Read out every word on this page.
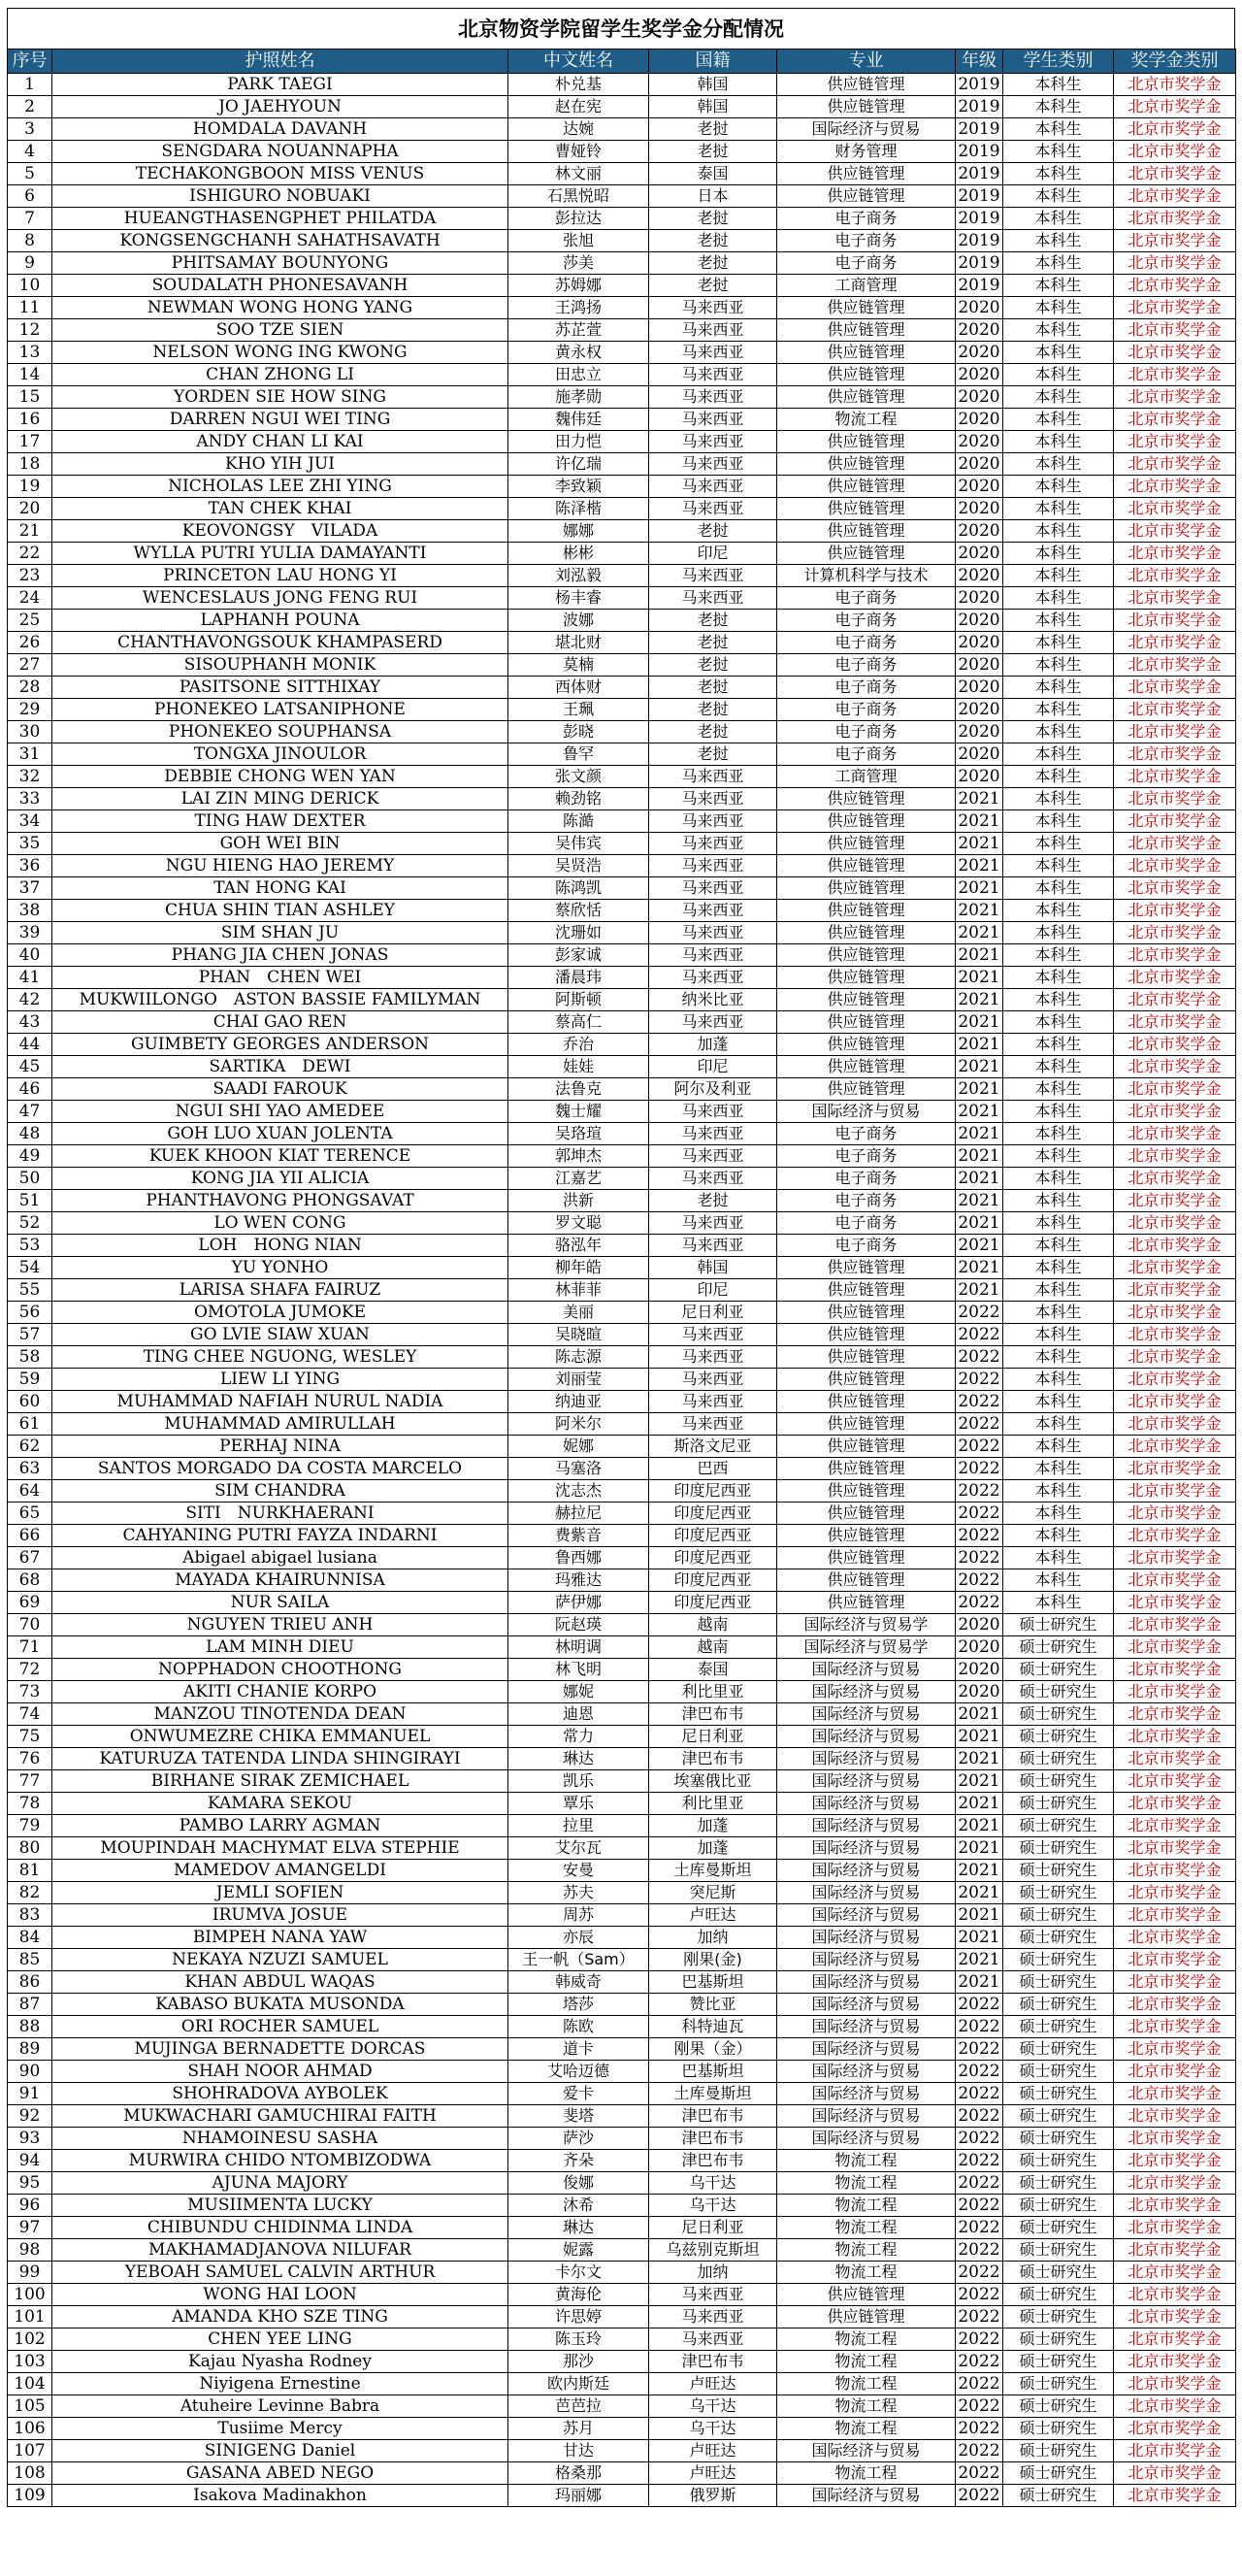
北京物资学院留学生奖学金分配情况
序号	护照姓名	中文姓名	国籍	专业	年级	学生类别	奖学金类别
1	PARK TAEGI	朴兑基	韩国	供应链管理	2019	本科生	北京市奖学金
2	JO JAEHYOUN	赵在宪	韩国	供应链管理	2019	本科生	北京市奖学金
3	HOMDALA DAVANH	达婉	老挝	国际经济与贸易	2019	本科生	北京市奖学金
4	SENGDARA NOUANNAPHA	曹娅铃	老挝	财务管理	2019	本科生	北京市奖学金
5	TECHAKONGBOON MISS VENUS	林文丽	泰国	供应链管理	2019	本科生	北京市奖学金
6	ISHIGURO NOBUAKI	石黑悦昭	日本	供应链管理	2019	本科生	北京市奖学金
7	HUEANGTHASENGPHET PHILATDA	彭拉达	老挝	电子商务	2019	本科生	北京市奖学金
8	KONGSENGCHANH SAHATHSAVATH	张旭	老挝	电子商务	2019	本科生	北京市奖学金
9	PHITSAMAY BOUNYONG	莎美	老挝	电子商务	2019	本科生	北京市奖学金
10	SOUDALATH PHONESAVANH	苏姆娜	老挝	工商管理	2019	本科生	北京市奖学金
11	NEWMAN WONG HONG YANG	王鸿扬	马来西亚	供应链管理	2020	本科生	北京市奖学金
12	SOO TZE SIEN	苏芷萱	马来西亚	供应链管理	2020	本科生	北京市奖学金
13	NELSON WONG ING KWONG	黄永权	马来西亚	供应链管理	2020	本科生	北京市奖学金
14	CHAN ZHONG LI	田忠立	马来西亚	供应链管理	2020	本科生	北京市奖学金
15	YORDEN SIE HOW SING	施孝勋	马来西亚	供应链管理	2020	本科生	北京市奖学金
16	DARREN NGUI WEI TING	魏伟廷	马来西亚	物流工程	2020	本科生	北京市奖学金
17	ANDY CHAN LI KAI	田力恺	马来西亚	供应链管理	2020	本科生	北京市奖学金
18	KHO YIH JUI	许亿瑞	马来西亚	供应链管理	2020	本科生	北京市奖学金
19	NICHOLAS LEE ZHI YING	李致颖	马来西亚	供应链管理	2020	本科生	北京市奖学金
20	TAN CHEK KHAI	陈泽楷	马来西亚	供应链管理	2020	本科生	北京市奖学金
21	KEOVONGSY　VILADA	娜娜	老挝	供应链管理	2020	本科生	北京市奖学金
22	WYLLA PUTRI YULIA DAMAYANTI	彬彬	印尼	供应链管理	2020	本科生	北京市奖学金
23	PRINCETON LAU HONG YI	刘泓毅	马来西亚	计算机科学与技术	2020	本科生	北京市奖学金
24	WENCESLAUS JONG FENG RUI	杨丰睿	马来西亚	电子商务	2020	本科生	北京市奖学金
25	LAPHANH POUNA	波娜	老挝	电子商务	2020	本科生	北京市奖学金
26	CHANTHAVONGSOUK KHAMPASERD	堪北财	老挝	电子商务	2020	本科生	北京市奖学金
27	SISOUPHANH MONIK	莫楠	老挝	电子商务	2020	本科生	北京市奖学金
28	PASITSONE SITTHIXAY	西体财	老挝	电子商务	2020	本科生	北京市奖学金
29	PHONEKEO LATSANIPHONE	王珮	老挝	电子商务	2020	本科生	北京市奖学金
30	PHONEKEO SOUPHANSA	彭晓	老挝	电子商务	2020	本科生	北京市奖学金
31	TONGXA JINOULOR	鲁罕	老挝	电子商务	2020	本科生	北京市奖学金
32	DEBBIE CHONG WEN YAN	张文颜	马来西亚	工商管理	2020	本科生	北京市奖学金
33	LAI ZIN MING DERICK	赖劲铭	马来西亚	供应链管理	2021	本科生	北京市奖学金
34	TING HAW DEXTER	陈澔	马来西亚	供应链管理	2021	本科生	北京市奖学金
35	GOH WEI BIN	吴伟宾	马来西亚	供应链管理	2021	本科生	北京市奖学金
36	NGU HIENG HAO JEREMY	吴贤浩	马来西亚	供应链管理	2021	本科生	北京市奖学金
37	TAN HONG KAI	陈鸿凯	马来西亚	供应链管理	2021	本科生	北京市奖学金
38	CHUA SHIN TIAN ASHLEY	蔡欣恬	马来西亚	供应链管理	2021	本科生	北京市奖学金
39	SIM SHAN JU	沈珊如	马来西亚	供应链管理	2021	本科生	北京市奖学金
40	PHANG JIA CHEN JONAS	彭家诚	马来西亚	供应链管理	2021	本科生	北京市奖学金
41	PHAN　CHEN WEI	潘晨玮	马来西亚	供应链管理	2021	本科生	北京市奖学金
42	MUKWIILONGO　ASTON BASSIE FAMILYMAN	阿斯顿	纳米比亚	供应链管理	2021	本科生	北京市奖学金
43	CHAI GAO REN	蔡高仁	马来西亚	供应链管理	2021	本科生	北京市奖学金
44	GUIMBETY GEORGES ANDERSON	乔治	加蓬	供应链管理	2021	本科生	北京市奖学金
45	SARTIKA　DEWI	娃娃	印尼	供应链管理	2021	本科生	北京市奖学金
46	SAADI FAROUK	法鲁克	阿尔及利亚	供应链管理	2021	本科生	北京市奖学金
47	NGUI SHI YAO AMEDEE	魏士耀	马来西亚	国际经济与贸易	2021	本科生	北京市奖学金
48	GOH LUO XUAN JOLENTA	吴珞瑄	马来西亚	电子商务	2021	本科生	北京市奖学金
49	KUEK KHOON KIAT TERENCE	郭坤杰	马来西亚	电子商务	2021	本科生	北京市奖学金
50	KONG JIA YII ALICIA	江嘉艺	马来西亚	电子商务	2021	本科生	北京市奖学金
51	PHANTHAVONG PHONGSAVAT	洪新	老挝	电子商务	2021	本科生	北京市奖学金
52	LO WEN CONG	罗文聪	马来西亚	电子商务	2021	本科生	北京市奖学金
53	LOH　HONG NIAN	骆泓年	马来西亚	电子商务	2021	本科生	北京市奖学金
54	YU YONHO	柳年皓	韩国	供应链管理	2021	本科生	北京市奖学金
55	LARISA SHAFA FAIRUZ	林菲菲	印尼	供应链管理	2021	本科生	北京市奖学金
56	OMOTOLA JUMOKE	美丽	尼日利亚	供应链管理	2022	本科生	北京市奖学金
57	GO LVIE SIAW XUAN	吴晓暄	马来西亚	供应链管理	2022	本科生	北京市奖学金
58	TING CHEE NGUONG, WESLEY	陈志源	马来西亚	供应链管理	2022	本科生	北京市奖学金
59	LIEW LI YING	刘丽莹	马来西亚	供应链管理	2022	本科生	北京市奖学金
60	MUHAMMAD NAFIAH NURUL NADIA	纳迪亚	马来西亚	供应链管理	2022	本科生	北京市奖学金
61	MUHAMMAD AMIRULLAH	阿米尔	马来西亚	供应链管理	2022	本科生	北京市奖学金
62	PERHAJ NINA	妮娜	斯洛文尼亚	供应链管理	2022	本科生	北京市奖学金
63	SANTOS MORGADO DA COSTA MARCELO	马塞洛	巴西	供应链管理	2022	本科生	北京市奖学金
64	SIM CHANDRA	沈志杰	印度尼西亚	供应链管理	2022	本科生	北京市奖学金
65	SITI　NURKHAERANI	赫拉尼	印度尼西亚	供应链管理	2022	本科生	北京市奖学金
66	CAHYANING PUTRI FAYZA INDARNI	费紫音	印度尼西亚	供应链管理	2022	本科生	北京市奖学金
67	Abigael abigael lusiana	鲁西娜	印度尼西亚	供应链管理	2022	本科生	北京市奖学金
68	MAYADA KHAIRUNNISA	玛雅达	印度尼西亚	供应链管理	2022	本科生	北京市奖学金
69	NUR SAILA	萨伊娜	印度尼西亚	供应链管理	2022	本科生	北京市奖学金
70	NGUYEN TRIEU ANH	阮赵瑛	越南	国际经济与贸易学	2020	硕士研究生	北京市奖学金
71	LAM MINH DIEU	林明调	越南	国际经济与贸易学	2020	硕士研究生	北京市奖学金
72	NOPPHADON CHOOTHONG	林飞明	泰国	国际经济与贸易	2020	硕士研究生	北京市奖学金
73	AKITI CHANIE KORPO	娜妮	利比里亚	国际经济与贸易	2020	硕士研究生	北京市奖学金
74	MANZOU TINOTENDA DEAN	迪恩	津巴布韦	国际经济与贸易	2021	硕士研究生	北京市奖学金
75	ONWUMEZRE CHIKA EMMANUEL	常力	尼日利亚	国际经济与贸易	2021	硕士研究生	北京市奖学金
76	KATURUZA TATENDA LINDA SHINGIRAYI	琳达	津巴布韦	国际经济与贸易	2021	硕士研究生	北京市奖学金
77	BIRHANE SIRAK ZEMICHAEL	凯乐	埃塞俄比亚	国际经济与贸易	2021	硕士研究生	北京市奖学金
78	KAMARA SEKOU	覃乐	利比里亚	国际经济与贸易	2021	硕士研究生	北京市奖学金
79	PAMBO LARRY AGMAN	拉里	加蓬	国际经济与贸易	2021	硕士研究生	北京市奖学金
80	MOUPINDAH MACHYMAT ELVA STEPHIE	艾尔瓦	加蓬	国际经济与贸易	2021	硕士研究生	北京市奖学金
81	MAMEDOV AMANGELDI	安曼	土库曼斯坦	国际经济与贸易	2021	硕士研究生	北京市奖学金
82	JEMLI SOFIEN	苏夫	突尼斯	国际经济与贸易	2021	硕士研究生	北京市奖学金
83	IRUMVA JOSUE	周苏	卢旺达	国际经济与贸易	2021	硕士研究生	北京市奖学金
84	BIMPEH NANA YAW	亦辰	加纳	国际经济与贸易	2021	硕士研究生	北京市奖学金
85	NEKAYA NZUZI SAMUEL	王一帆（Sam）	刚果(金)	国际经济与贸易	2021	硕士研究生	北京市奖学金
86	KHAN ABDUL WAQAS	韩威奇	巴基斯坦	国际经济与贸易	2021	硕士研究生	北京市奖学金
87	KABASO BUKATA MUSONDA	塔莎	赞比亚	国际经济与贸易	2022	硕士研究生	北京市奖学金
88	ORI ROCHER SAMUEL	陈欧	科特迪瓦	国际经济与贸易	2022	硕士研究生	北京市奖学金
89	MUJINGA BERNADETTE DORCAS	道卡	刚果（金）	国际经济与贸易	2022	硕士研究生	北京市奖学金
90	SHAH NOOR AHMAD	艾哈迈德	巴基斯坦	国际经济与贸易	2022	硕士研究生	北京市奖学金
91	SHOHRADOVA AYBOLEK	爱卡	土库曼斯坦	国际经济与贸易	2022	硕士研究生	北京市奖学金
92	MUKWACHARI GAMUCHIRAI FAITH	斐塔	津巴布韦	国际经济与贸易	2022	硕士研究生	北京市奖学金
93	NHAMOINESU SASHA	萨沙	津巴布韦	国际经济与贸易	2022	硕士研究生	北京市奖学金
94	MURWIRA CHIDO NTOMBIZODWA	齐朵	津巴布韦	物流工程	2022	硕士研究生	北京市奖学金
95	AJUNA MAJORY	俊娜	乌干达	物流工程	2022	硕士研究生	北京市奖学金
96	MUSIIMENTA LUCKY	沐希	乌干达	物流工程	2022	硕士研究生	北京市奖学金
97	CHIBUNDU CHIDINMA LINDA	琳达	尼日利亚	物流工程	2022	硕士研究生	北京市奖学金
98	MAKHAMADJANOVA NILUFAR	妮露	乌兹别克斯坦	物流工程	2022	硕士研究生	北京市奖学金
99	YEBOAH SAMUEL CALVIN ARTHUR	卡尔文	加纳	物流工程	2022	硕士研究生	北京市奖学金
100	WONG HAI LOON	黄海伦	马来西亚	供应链管理	2022	硕士研究生	北京市奖学金
101	AMANDA KHO SZE TING	许思婷	马来西亚	供应链管理	2022	硕士研究生	北京市奖学金
102	CHEN YEE LING	陈玉玲	马来西亚	物流工程	2022	硕士研究生	北京市奖学金
103	Kajau Nyasha Rodney	那沙	津巴布韦	物流工程	2022	硕士研究生	北京市奖学金
104	Niyigena Ernestine	欧内斯廷	卢旺达	物流工程	2022	硕士研究生	北京市奖学金
105	Atuheire Levinne Babra	芭芭拉	乌干达	物流工程	2022	硕士研究生	北京市奖学金
106	Tusiime Mercy	苏月	乌干达	物流工程	2022	硕士研究生	北京市奖学金
107	SINIGENG Daniel	甘达	卢旺达	国际经济与贸易	2022	硕士研究生	北京市奖学金
108	GASANA ABED NEGO	格桑那	卢旺达	物流工程	2022	硕士研究生	北京市奖学金
109	Isakova Madinakhon	玛丽娜	俄罗斯	国际经济与贸易	2022	硕士研究生	北京市奖学金
